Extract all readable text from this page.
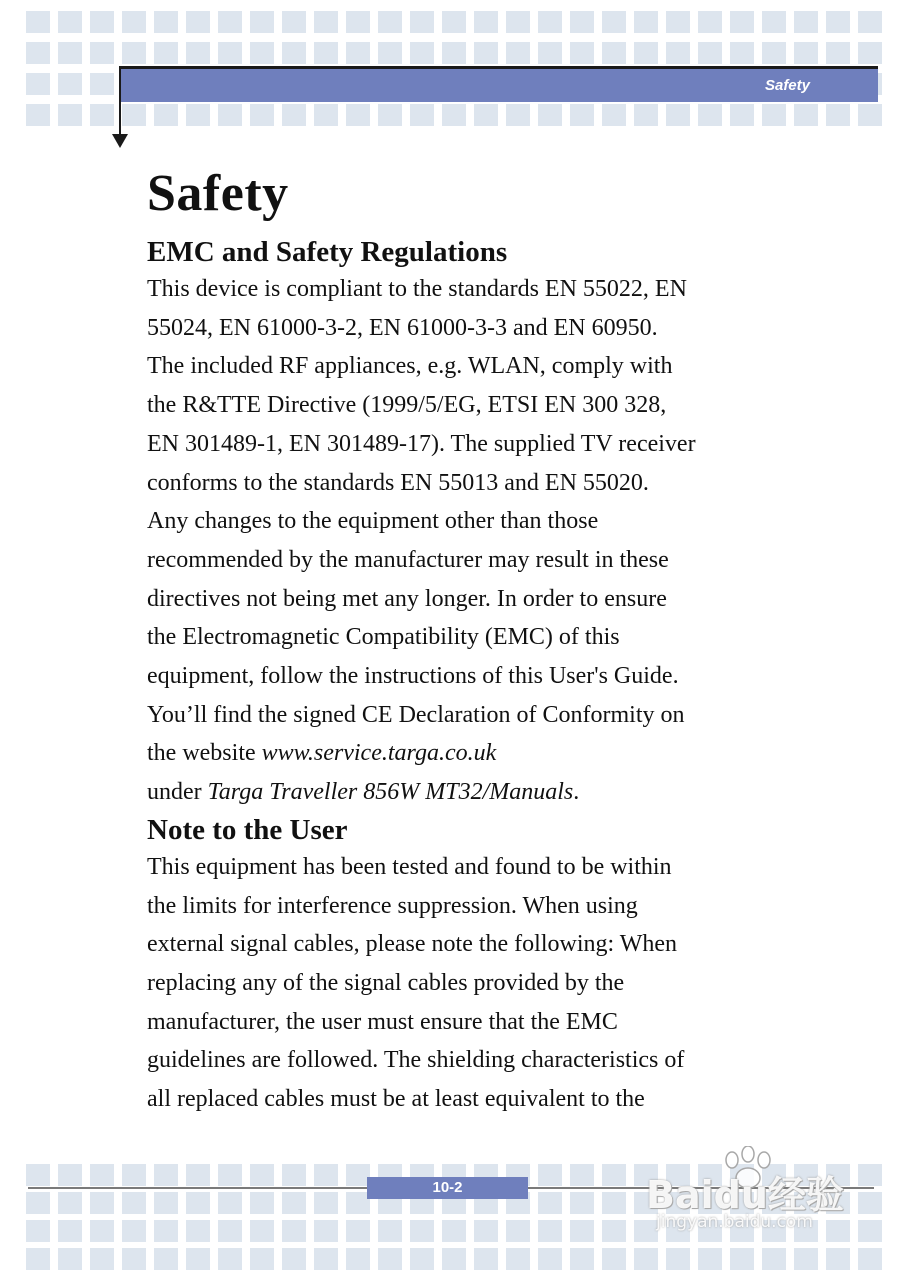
Safety
Safety
EMC and Safety Regulations

This device is compliant to the standards EN 55022, EN
55024, EN 61000-3-2, EN 61000-3-3 and EN 60950.
The included RF appliances, e.g. WLAN, comply with
the R&TTE Directive (1999/5/EG, ETSI EN 300 328,
EN 301489-1, EN 301489-17). The supplied TV receiver
conforms to the standards EN 55013 and EN 55020.
Any changes to the equipment other than those
recommended by the manufacturer may result in these
directives not being met any longer. In order to ensure
the Electromagnetic Compatibility (EMC) of this
equipment, follow the instructions of this User's Guide.
You’ll find the signed CE Declaration of Conformity on
the website www.service.targa.co.uk
under Targa Traveller 856W MT32/Manuals.

Note to the User

This equipment has been tested and found to be within
the limits for interference suppression. When using
external signal cables, please note the following: When
replacing any of the signal cables provided by the
manufacturer, the user must ensure that the EMC
guidelines are followed. The shielding characteristics of
all replaced cables must be at least equivalent to the

10-2	Baidu经验
jingyan.baidu.com
